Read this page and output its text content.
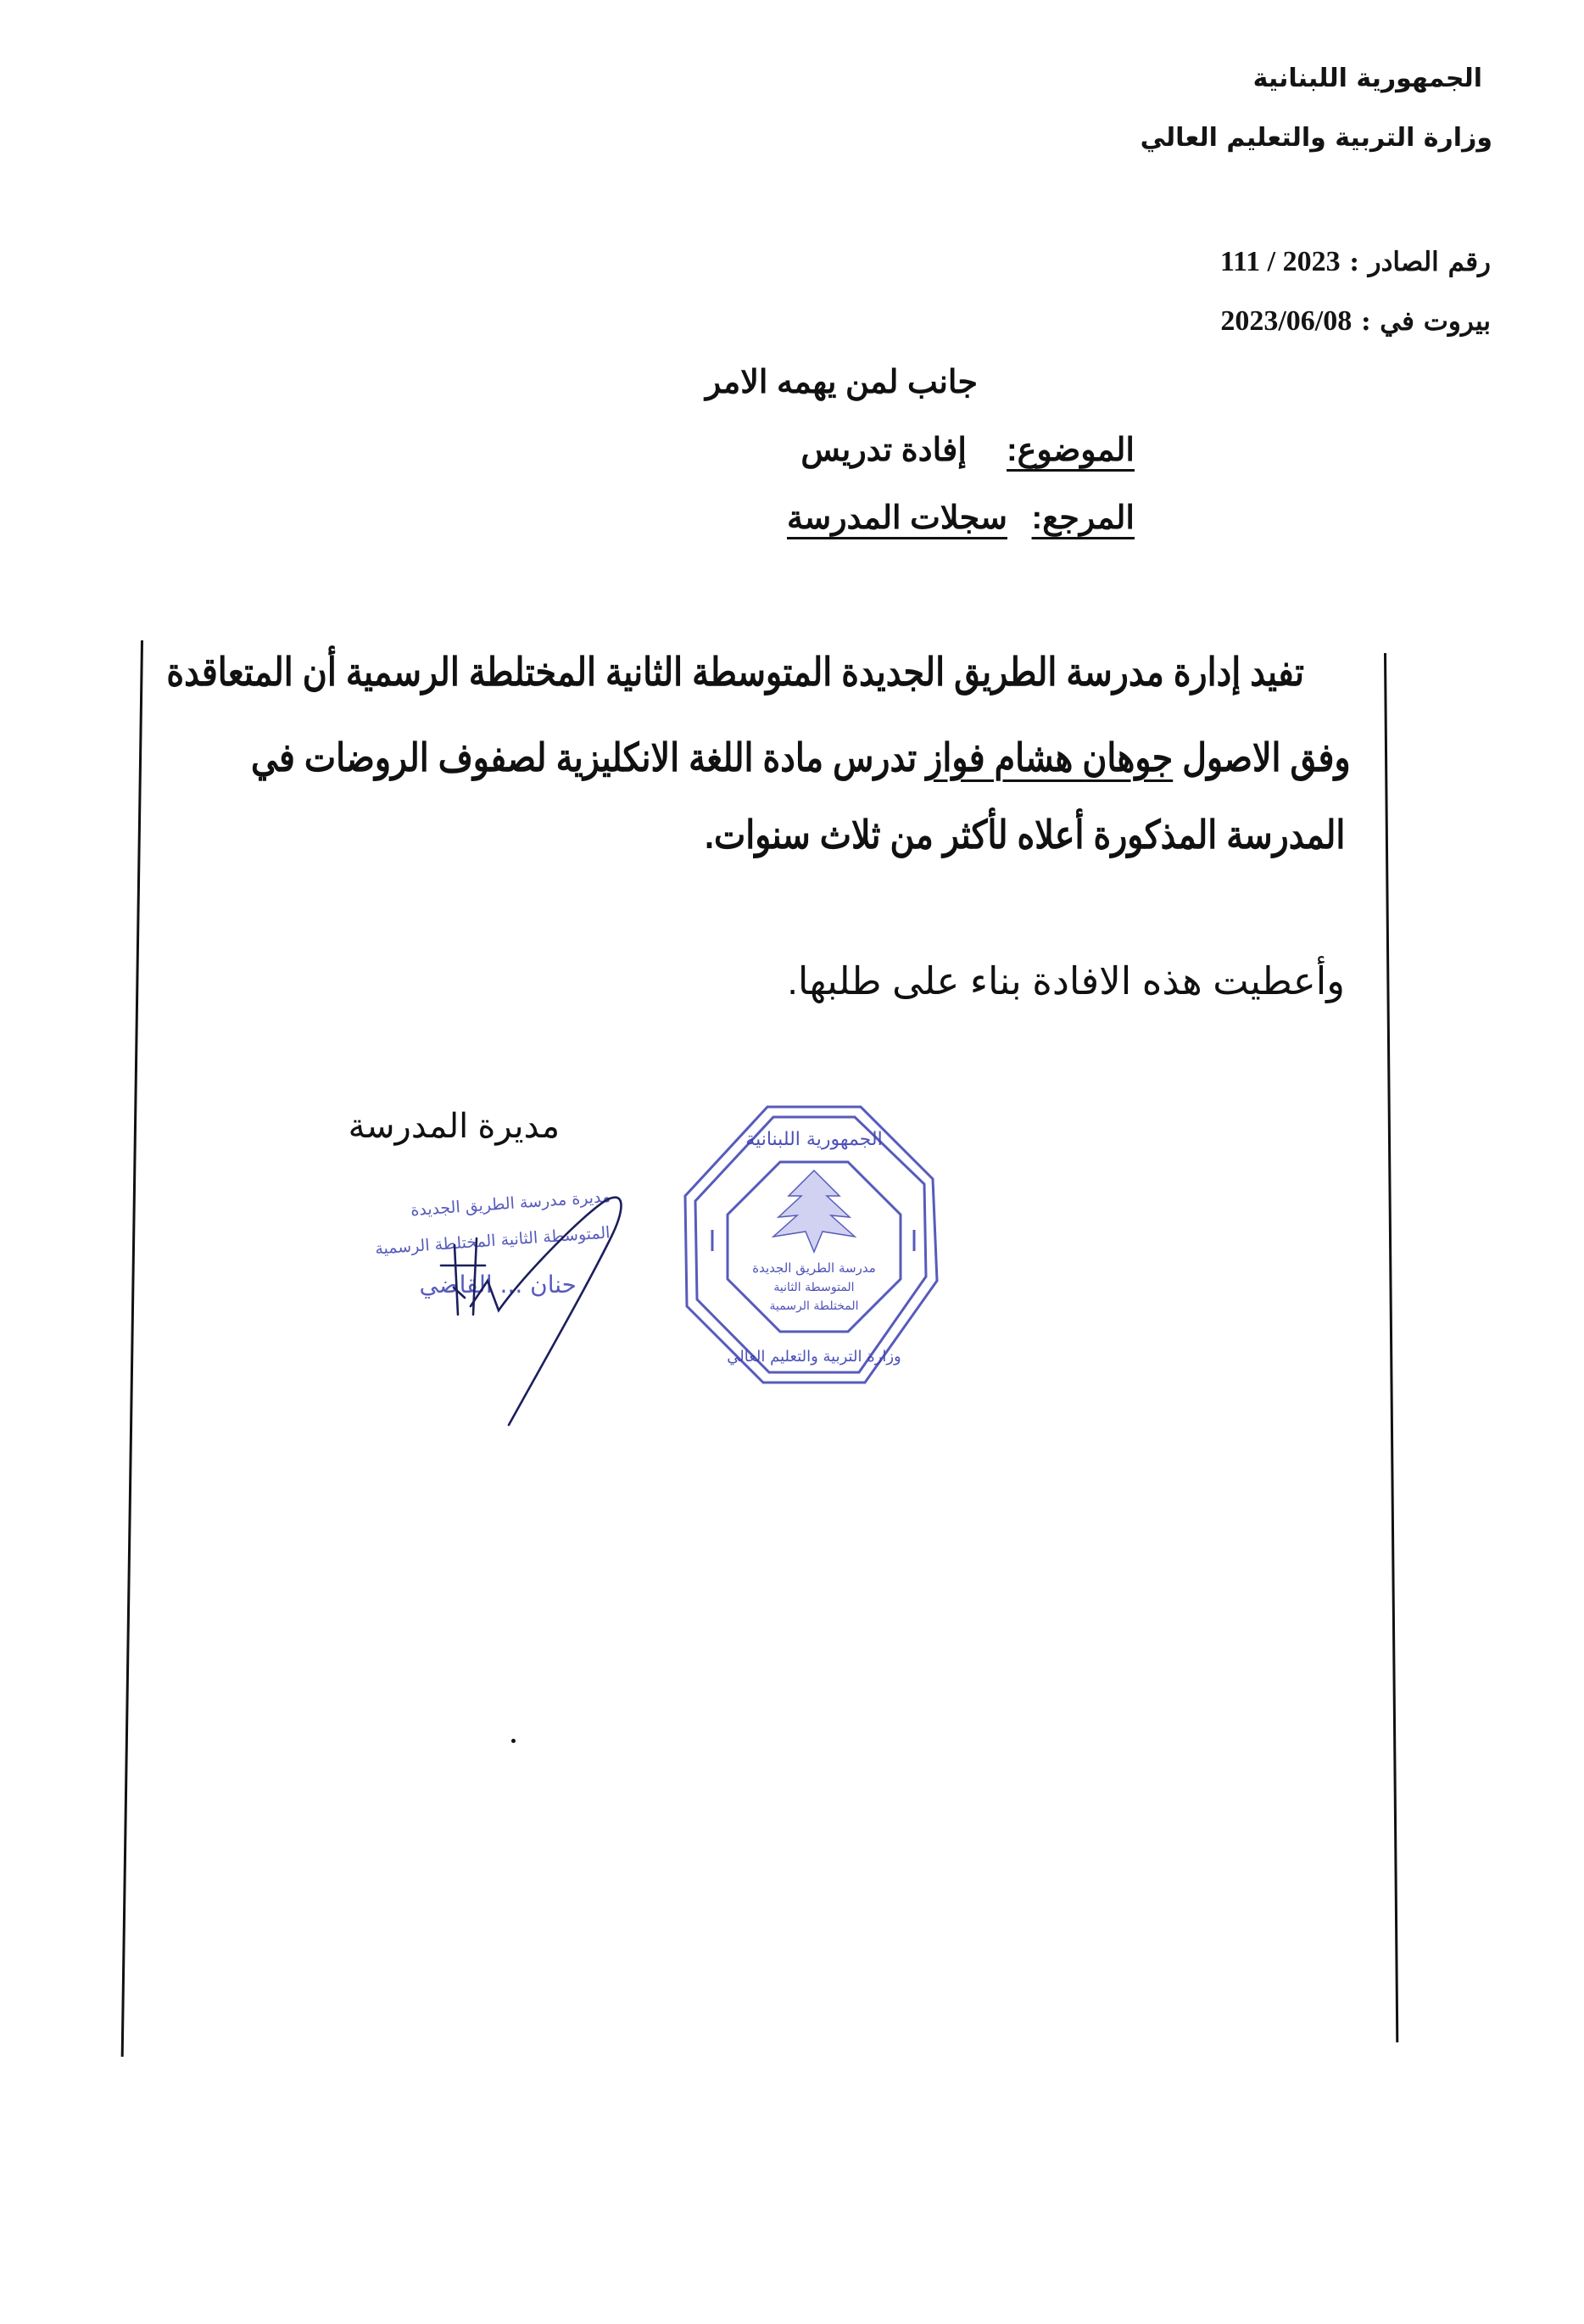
الجمهورية اللبنانية
وزارة التربية والتعليم العالي
رقم الصادر : 111 / 2023
بيروت في : 2023/06/08
جانب لمن يهمه الامر
الموضوع:  إفادة تدريس
المرجع: سجلات المدرسة
تفيد إدارة مدرسة الطريق الجديدة المتوسطة الثانية المختلطة الرسمية أن المتعاقدة
وفق الاصول جوهان هشام فواز تدرس مادة اللغة الانكليزية لصفوف الروضات في
المدرسة المذكورة أعلاه لأكثر من ثلاث سنوات.
وأعطيت هذه الافادة بناء على طلبها.
مديرة المدرسة
مديرة مدرسة الطريق الجديدة
المتوسطة الثانية المختلطة الرسمية
حنان ... القاضي
مدرسة الطريق الجديدة
المتوسطة الثانية
المختلطة الرسمية
الجمهورية اللبنانية
وزارة التربية والتعليم العالي
